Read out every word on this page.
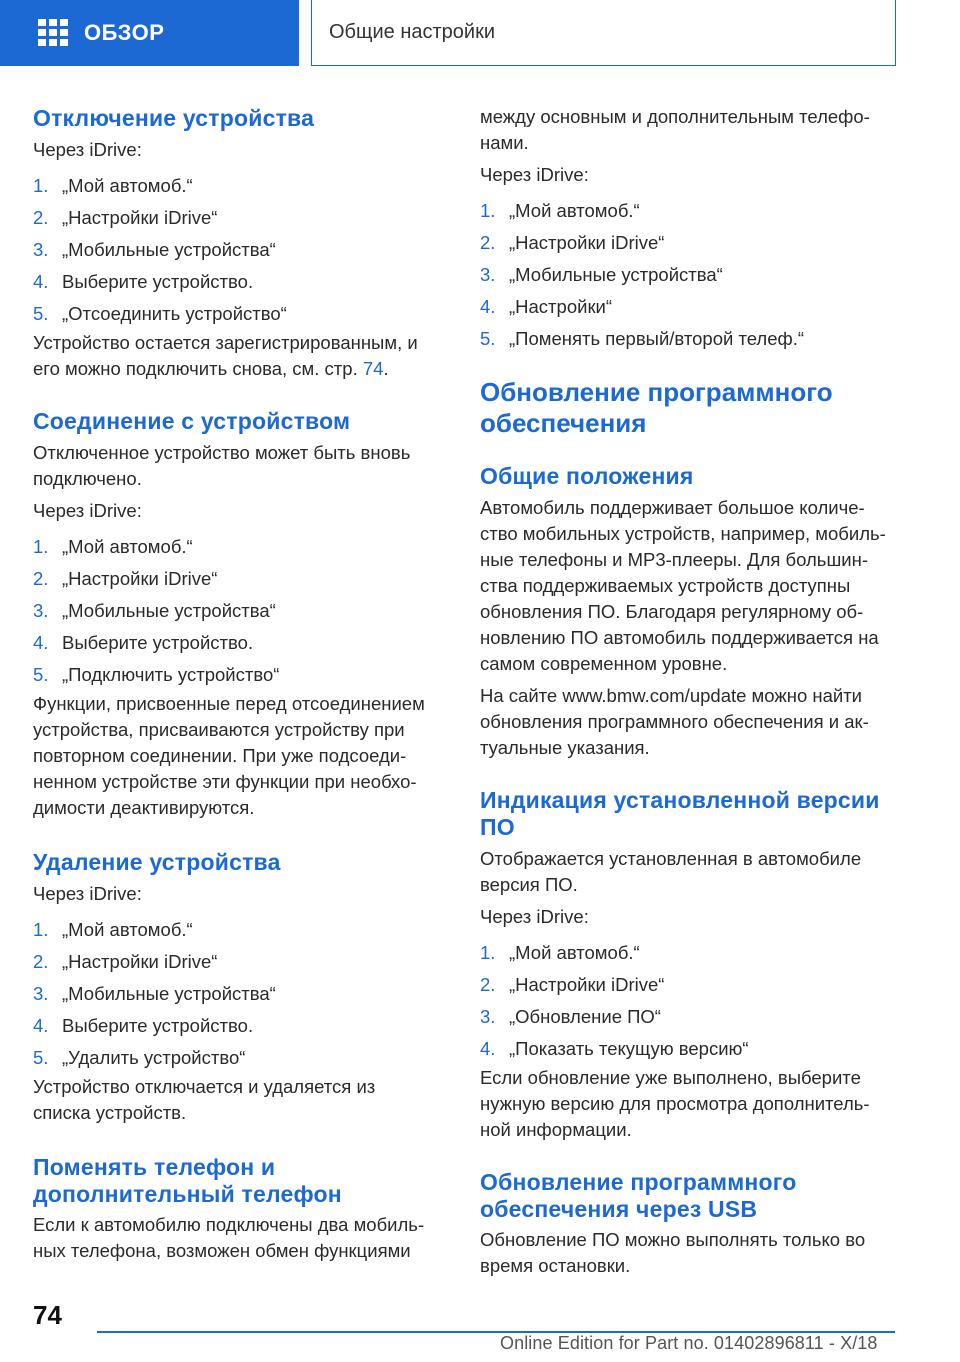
ОБЗОР	Общие настройки
Отключение устройства

Через iDrive:

1. „Мой автомоб.“
2. „Настройки iDrive“
3. „Мобильные устройства“
4. Выберите устройство.
5. „Отсоединить устройство“

Устройство остается зарегистрированным, и
его можно подключить снова, см. стр. 74.

Соединение с устройством

Отключенное устройство может быть вновь
подключено.

Через iDrive:

1. „Мой автомоб.“
2. „Настройки iDrive“
3. „Мобильные устройства“
4. Выберите устройство.
5. „Подключить устройство“

Функции, присвоенные перед отсоединением
устройства, присваиваются устройству при
повторном соединении. При уже подсоеди-
ненном устройстве эти функции при необхо-
димости деактивируются.

Удаление устройства

Через iDrive:

1. „Мой автомоб.“
2. „Настройки iDrive“
3. „Мобильные устройства“
4. Выберите устройство.
5. „Удалить устройство“

Устройство отключается и удаляется из
списка устройств.

Поменять телефон и
дополнительный телефон

Если к автомобилю подключены два мобиль-
ных телефона, возможен обмен функциями

между основным и дополнительным телефо-
нами.

Через iDrive:

1. „Мой автомоб.“
2. „Настройки iDrive“
3. „Мобильные устройства“
4. „Настройки“
5. „Поменять первый/второй телеф.“
Обновление программного
обеспечения
Общие положения

Автомобиль поддерживает большое количе-
ство мобильных устройств, например, мобиль-
ные телефоны и MP3-плееры. Для большин-
ства поддерживаемых устройств доступны
обновления ПО. Благодаря регулярному об-
новлению ПО автомобиль поддерживается на
самом современном уровне.

На сайте www.bmw.com/update можно найти
обновления программного обеспечения и ак-
туальные указания.

Индикация установленной версии
ПО

Отображается установленная в автомобиле
версия ПО.

Через iDrive:

1. „Мой автомоб.“
2. „Настройки iDrive“
3. „Обновление ПО“
4. „Показать текущую версию“

Если обновление уже выполнено, выберите
нужную версию для просмотра дополнитель-
ной информации.

Обновление программного
обеспечения через USB

Обновление ПО можно выполнять только во
время остановки.

74
Online Edition for Part no. 01402896811 - X/18
